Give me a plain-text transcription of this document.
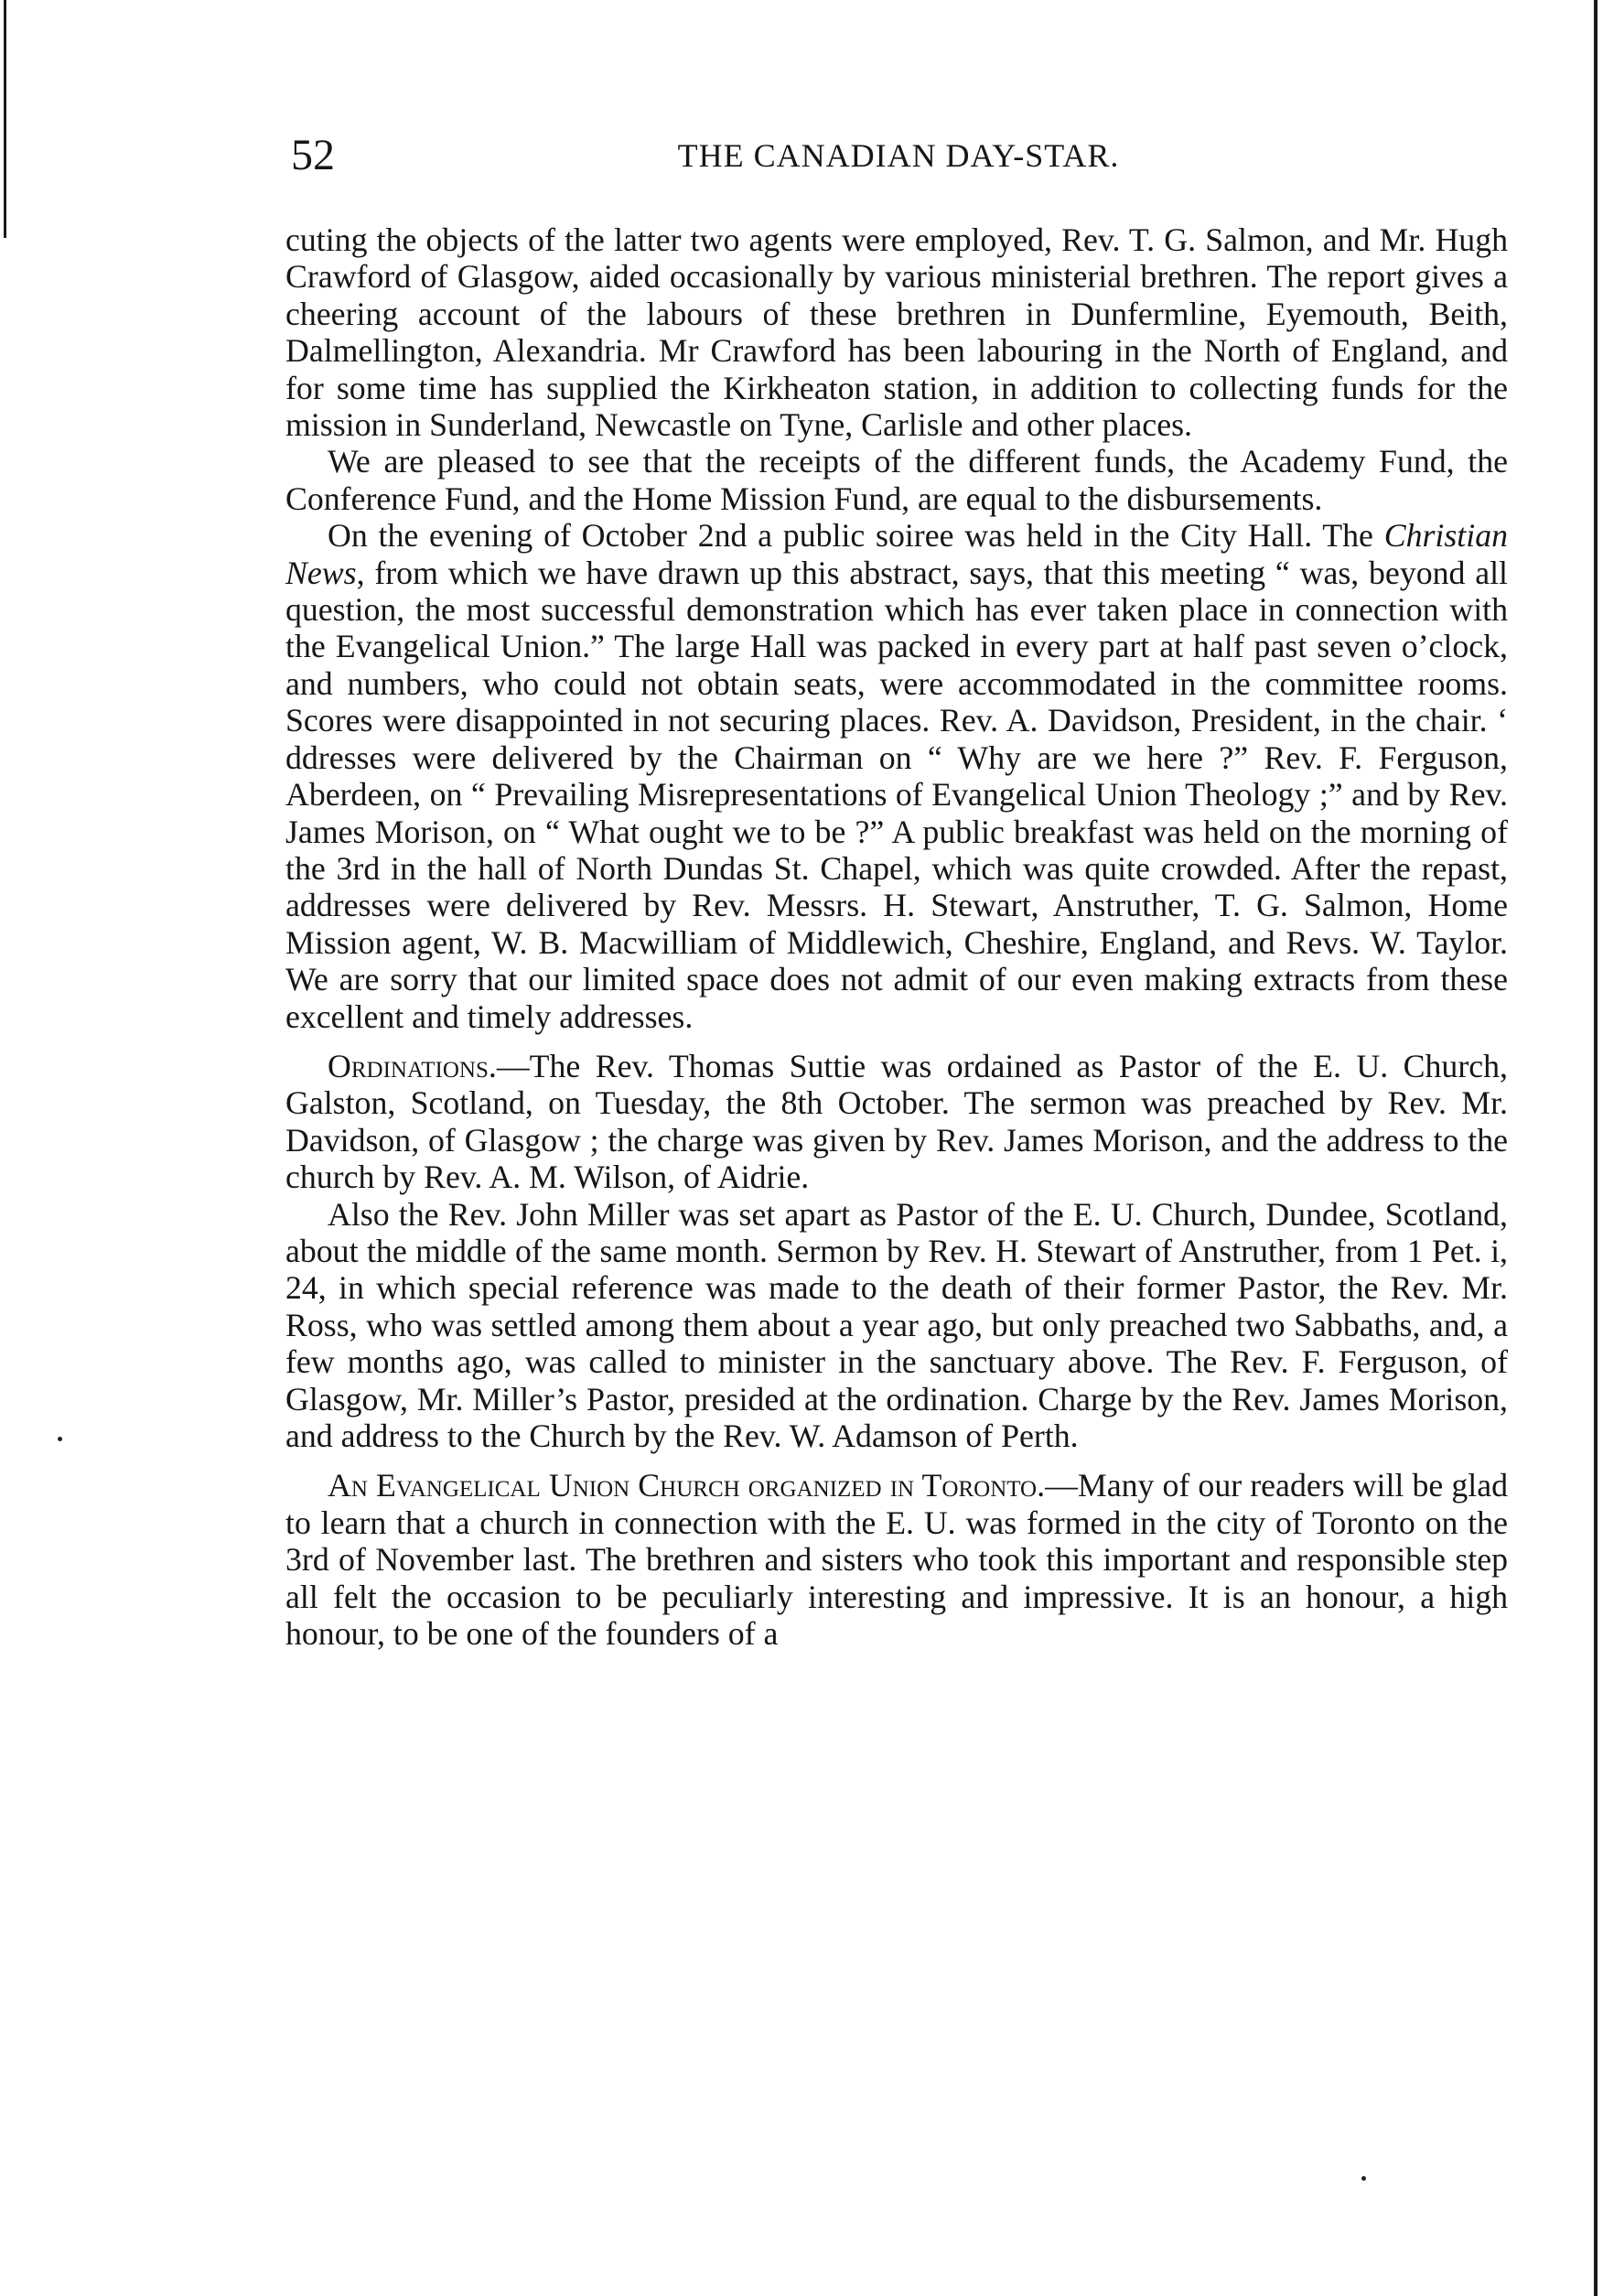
52	THE CANADIAN DAY-STAR.

cuting the objects of the latter two agents were employed, Rev. T. G. Salmon, and Mr. Hugh Crawford of Glasgow, aided occasionally by various ministerial brethren. The report gives a cheering account of the labours of these brethren in Dunfermline, Eyemouth, Beith, Dalmellington, Alexandria. Mr Crawford has been labouring in the North of England, and for some time has supplied the Kirkheaton station, in addition to collecting funds for the mission in Sunderland, Newcastle on Tyne, Carlisle and other places.

We are pleased to see that the receipts of the different funds, the Academy Fund, the Conference Fund, and the Home Mission Fund, are equal to the disbursements.

On the evening of October 2nd a public soiree was held in the City Hall. The Christian News, from which we have drawn up this abstract, says, that this meeting “ was, beyond all question, the most successful demonstration which has ever taken place in connection with the Evangelical Union.” The large Hall was packed in every part at half past seven o’clock, and numbers, who could not obtain seats, were accommodated in the committee rooms. Scores were disappointed in not securing places. Rev. A. Davidson, President, in the chair. ‘ ddresses were delivered by the Chairman on “ Why are we here ?” Rev. F. Ferguson, Aberdeen, on “ Prevailing Misrepresentations of Evangelical Union Theology ;” and by Rev. James Morison, on “ What ought we to be ?” A public breakfast was held on the morning of the 3rd in the hall of North Dundas St. Chapel, which was quite crowded. After the repast, addresses were delivered by Rev. Messrs. H. Stewart, Anstruther, T. G. Salmon, Home Mission agent, W. B. Macwilliam of Middlewich, Cheshire, England, and Revs. W. Taylor. We are sorry that our limited space does not admit of our even making extracts from these excellent and timely addresses.

Ordinations.—The Rev. Thomas Suttie was ordained as Pastor of the E. U. Church, Galston, Scotland, on Tuesday, the 8th October. The sermon was preached by Rev. Mr. Davidson, of Glasgow ; the charge was given by Rev. James Morison, and the address to the church by Rev. A. M. Wilson, of Aidrie.

Also the Rev. John Miller was set apart as Pastor of the E. U. Church, Dundee, Scotland, about the middle of the same month. Sermon by Rev. H. Stewart of Anstruther, from 1 Pet. i, 24, in which special reference was made to the death of their former Pastor, the Rev. Mr. Ross, who was settled among them about a year ago, but only preached two Sabbaths, and, a few months ago, was called to minister in the sanctuary above. The Rev. F. Ferguson, of Glasgow, Mr. Miller’s Pastor, presided at the ordination. Charge by the Rev. James Morison, and address to the Church by the Rev. W. Adamson of Perth.

An Evangelical Union Church organized in Toronto.—Many of our readers will be glad to learn that a church in connection with the E. U. was formed in the city of Toronto on the 3rd of November last. The brethren and sisters who took this important and responsible step all felt the occasion to be peculiarly interesting and impressive. It is an honour, a high honour, to be one of the founders of a
